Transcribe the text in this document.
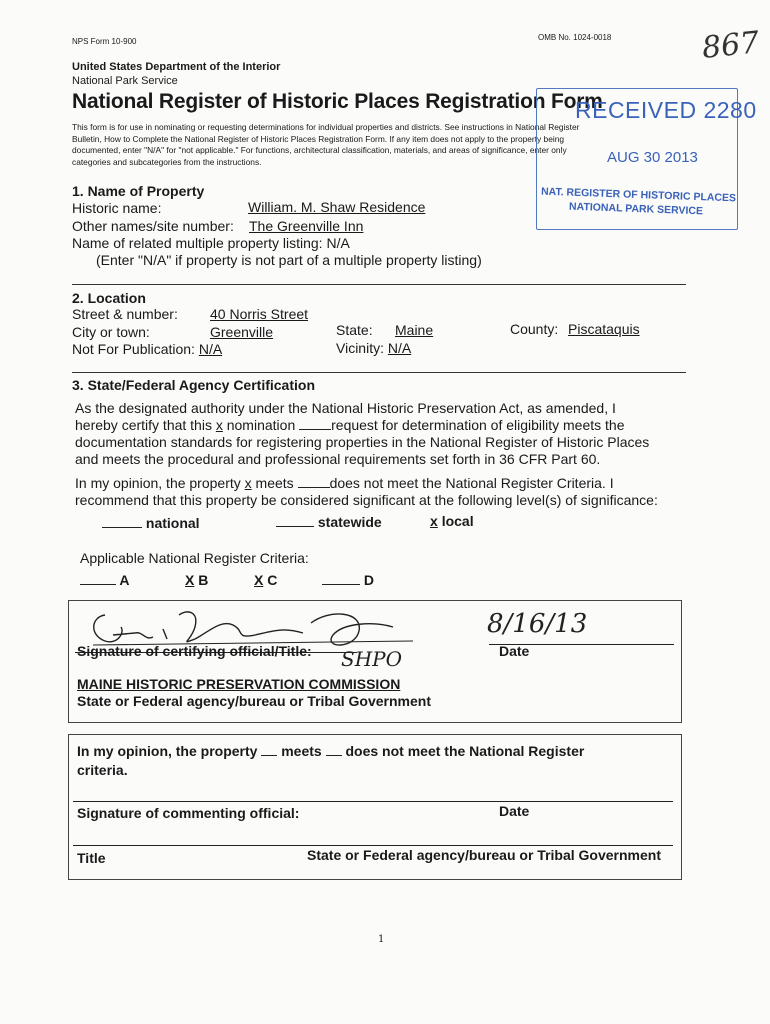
NPS Form 10-900	OMB No. 1024-0018	867
United States Department of the Interior
National Park Service
National Register of Historic Places Registration Form
This form is for use in nominating or requesting determinations for individual properties and districts. See instructions in National Register
Bulletin, How to Complete the National Register of Historic Places Registration Form. If any item does not apply to the property being
documented, enter "N/A" for "not applicable." For functions, architectural classification, materials, and areas of significance, enter only
categories and subcategories from the instructions.
RECEIVED 2280
AUG 30 2013
NAT. REGISTER OF HISTORIC PLACES
NATIONAL PARK SERVICE
1. Name of Property
Historic name:	William. M. Shaw Residence
Other names/site number: The Greenville Inn
Name of related multiple property listing: N/A
(Enter "N/A" if property is not part of a multiple property listing)
2. Location
Street & number: 40 Norris Street
City or town:	Greenville	State: Maine	County: Piscataquis
Not For Publication: N/A	Vicinity: N/A
3. State/Federal Agency Certification
As the designated authority under the National Historic Preservation Act, as amended, I
hereby certify that this x nomination	request for determination of eligibility meets the
documentation standards for registering properties in the National Register of Historic Places
and meets the procedural and professional requirements set forth in 36 CFR Part 60.
In my opinion, the property x meets	does not meet the National Register Criteria. I
recommend that this property be considered significant at the following level(s) of significance:
national	statewide	x local
Applicable National Register Criteria:
A	X B	X C	D
Signature of certifying official/Title: SHPO
8/16/13
Date
MAINE HISTORIC PRESERVATION COMMISSION
State or Federal agency/bureau or Tribal Government
In my opinion, the property meets does not meet the National Register
criteria.
Signature of commenting official:	Date
Title	State or Federal agency/bureau or Tribal Government
1
